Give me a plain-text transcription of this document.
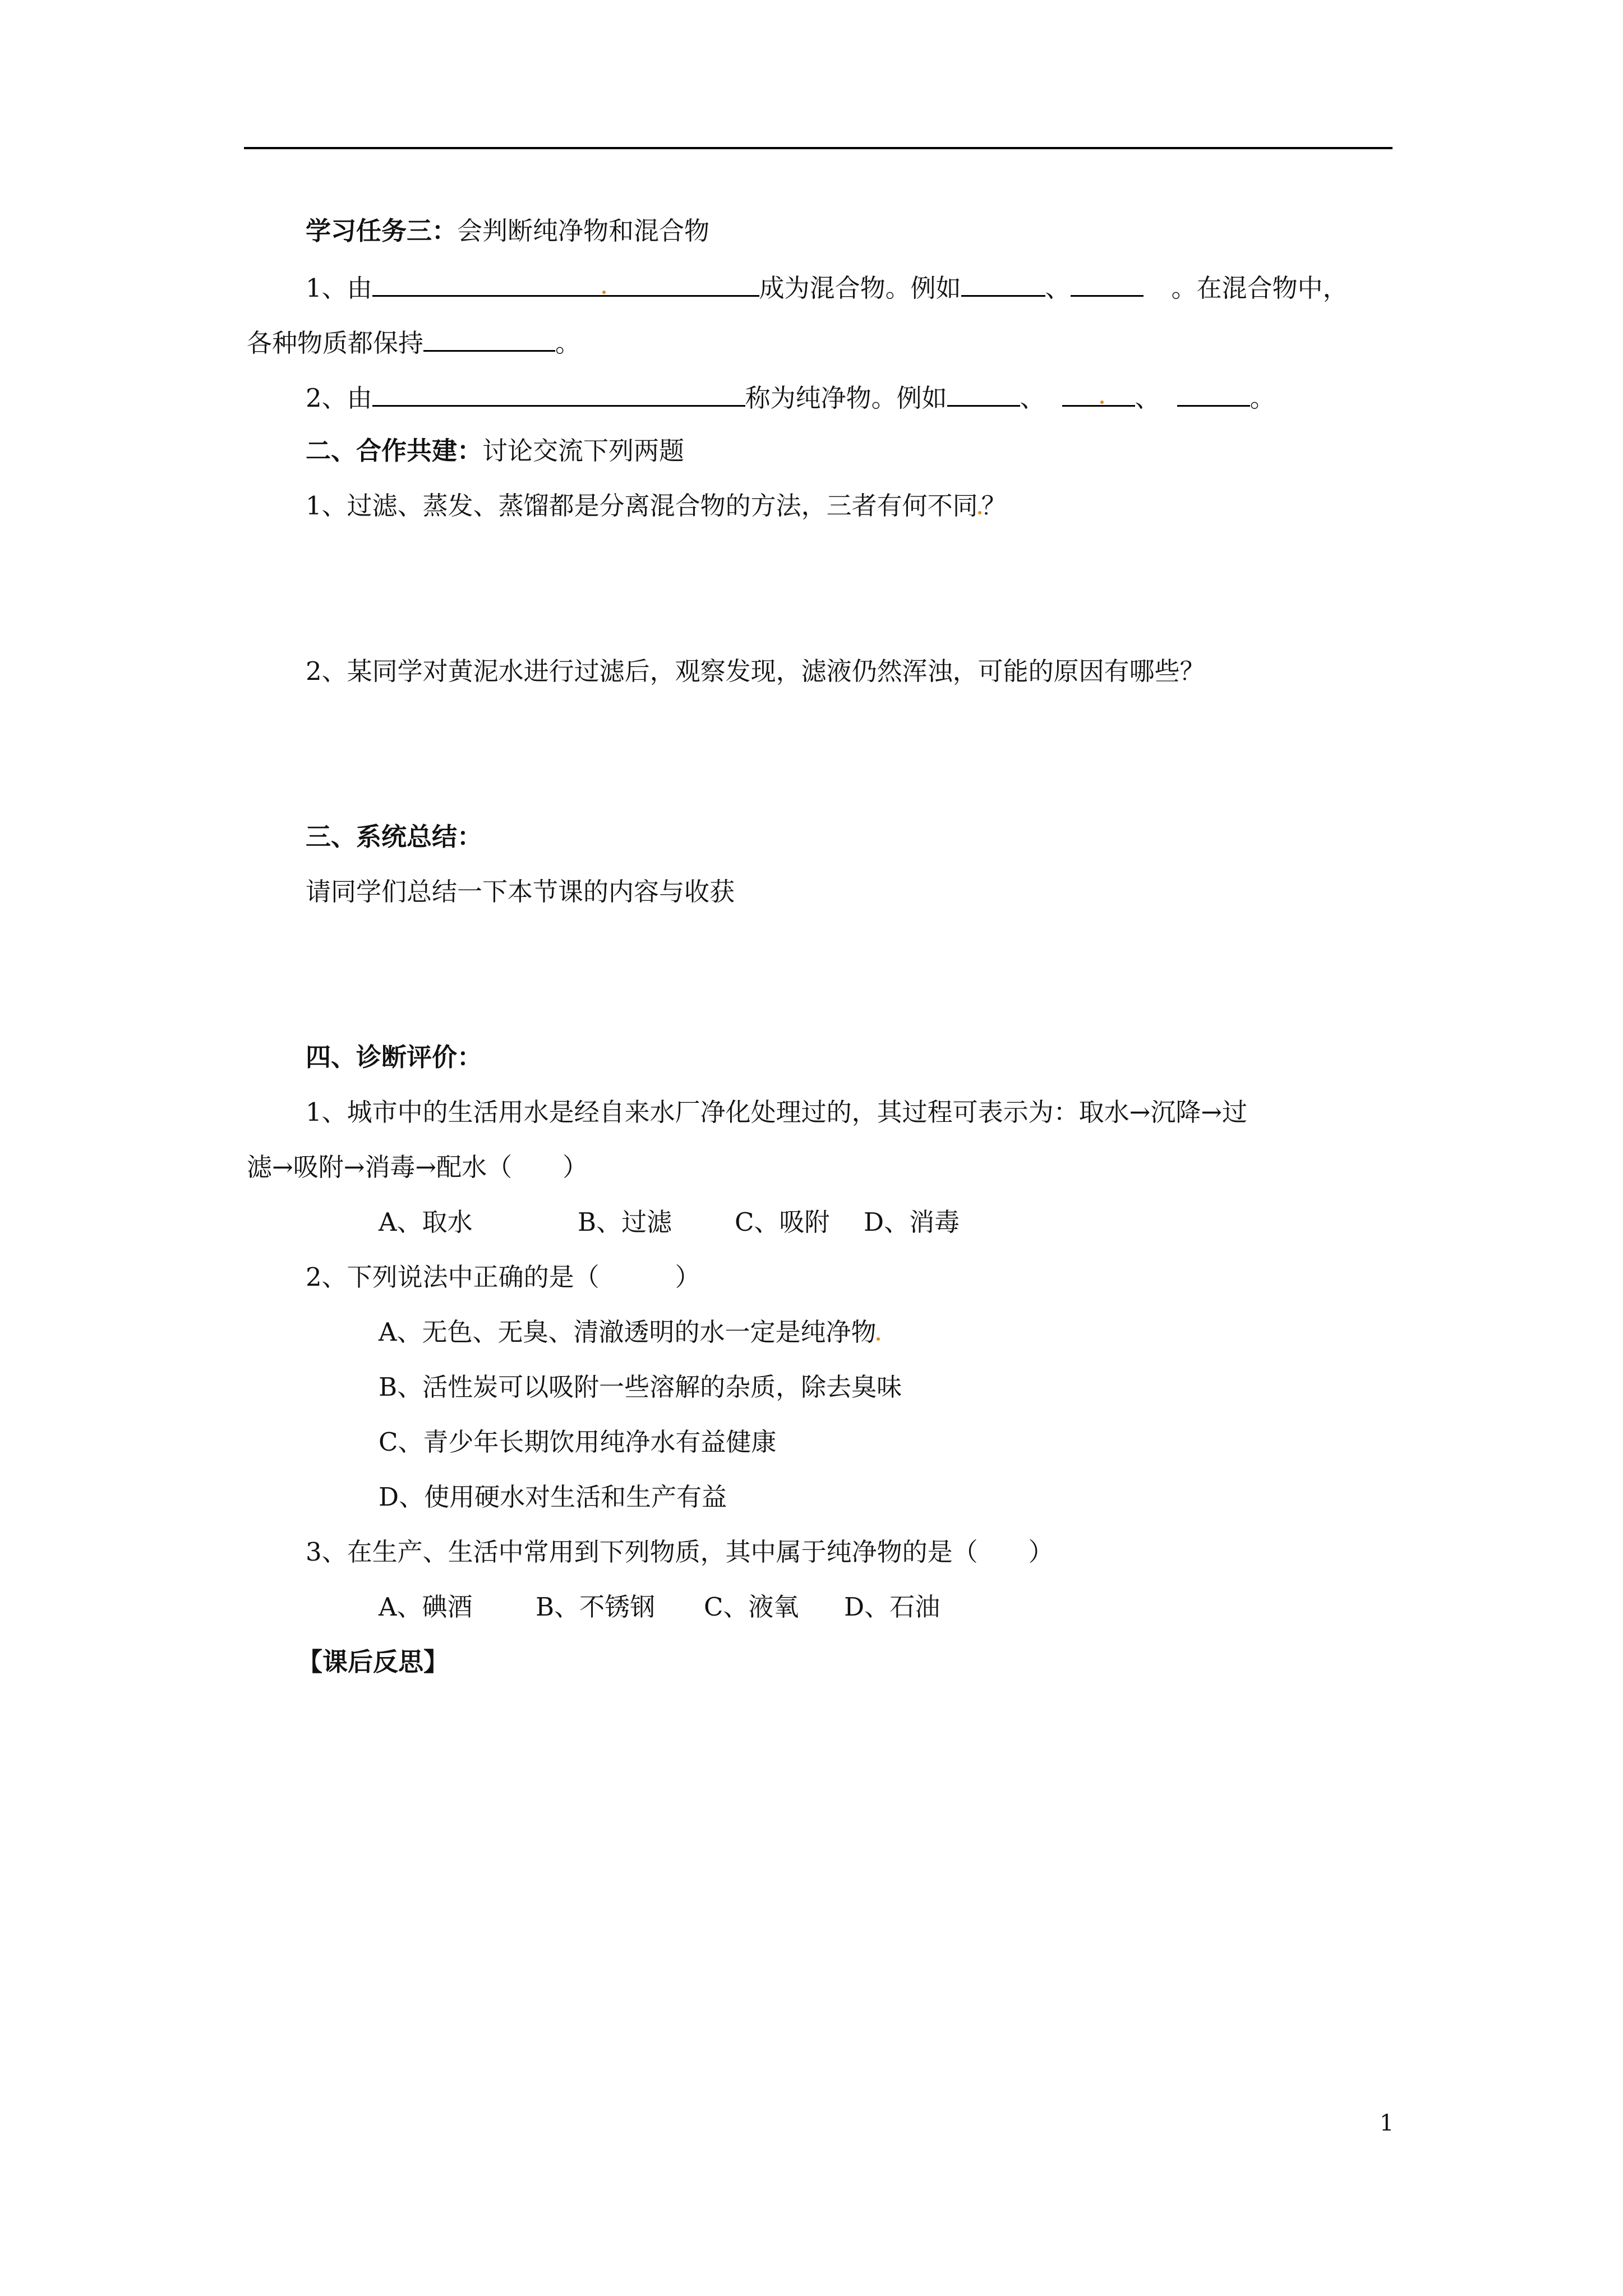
学习任务三：会判断纯净物和混合物
1、由	成为混合物。例如	、	。在混合物中，
各种物质都保持	。
2、由	称为纯净物。例如	、	、	。
二、合作共建：讨论交流下列两题
1、过滤、蒸发、蒸馏都是分离混合物的方法，三者有何不同 ？
2、某同学对黄泥水进行过滤后，观察发现，滤液仍然浑浊，可能的原因有哪些？
三、系统总结：
请同学们总结一下本节课的内容与收获
四、诊断评价：
1、城市中的生活用水是经自来水厂净化处理过的，其过程可表示为：取水→沉降→过
滤→吸附→消毒→配水（　　）
A、取水	B、过滤 C、吸附 D、消毒
2、下列说法中正确的是（　　　）
A、无色、无臭、清澈透明的水一定是纯净物
B、活性炭可以吸附一些溶解的杂质，除去臭味
C、青少年长期饮用纯净水有益健康
D、使用硬水对生活和生产有益
3、在生产、生活中常用到下列物质，其中属于纯净物的是（　　）
A、碘酒	B、不锈钢 C、液氧 D、石油
【课后反思】
1
